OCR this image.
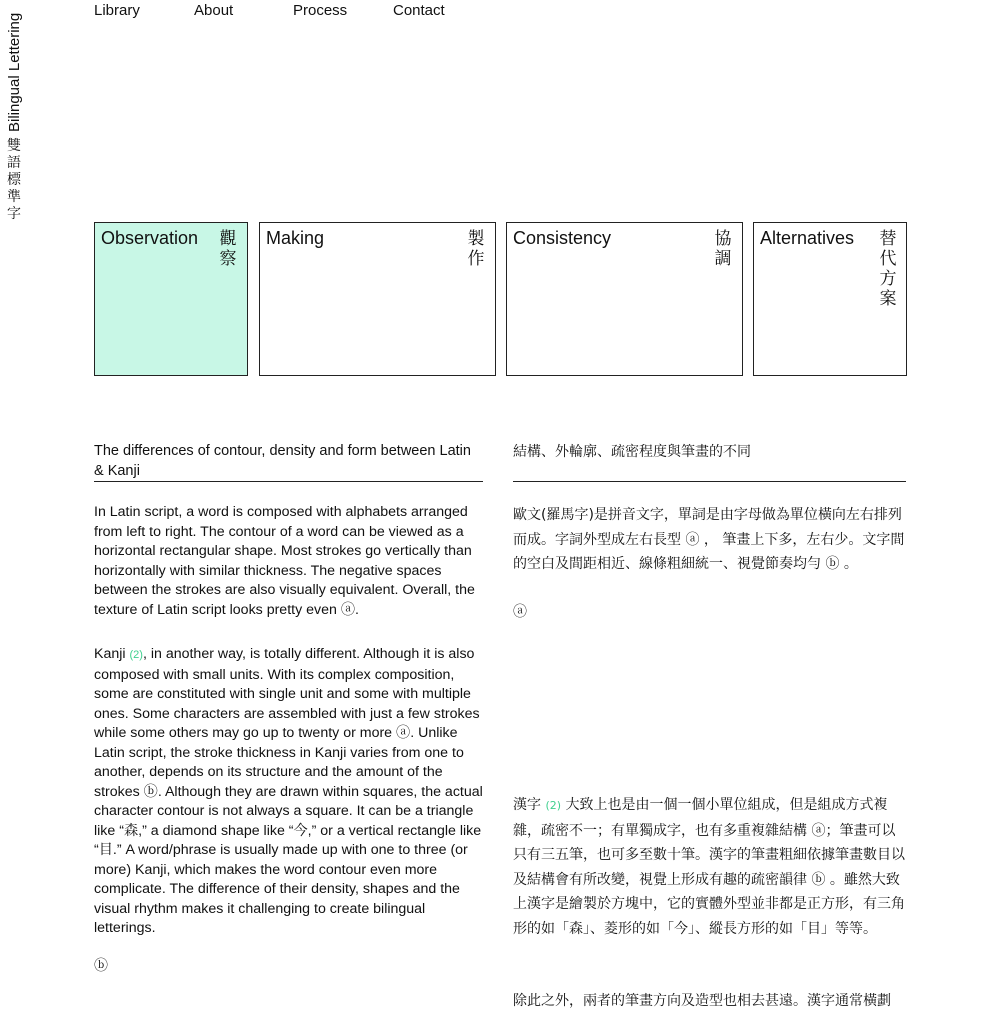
Bilingual Lettering
雙語標準字
Library	About	Process	Contact
Observation 觀察
Making	製作
Consistency	協調
Alternatives 替代方案
The differences of contour, density and form between Latin & Kanji
結構、外輪廓、疏密程度與筆畫的不同

In Latin script, a word is composed with alphabets arranged from left to right. The contour of a word can be viewed as a horizontal rectangular shape. Most strokes go vertically than horizontally with similar thickness. The negative spaces between the strokes are also visually equivalent. Overall, the texture of Latin script looks pretty even ⓐ.

Kanji (2), in another way, is totally different. Although it is also composed with small units. With its complex composition, some are constituted with single unit and some with multiple ones. Some characters are assembled with just a few strokes while some others may go up to twenty or more ⓐ. Unlike Latin script, the stroke thickness in Kanji varies from one to another, depends on its structure and the amount of the strokes ⓑ. Although they are drawn within squares, the actual character contour is not always a square. It can be a triangle like “森,” a diamond shape like “今,” or a vertical rectangle like “目.” A word/phrase is usually made up with one to three (or more) Kanji, which makes the word contour even more complicate. The difference of their density, shapes and the visual rhythm makes it challenging to create bilingual letterings.

ⓑ

歐文(羅馬字)是拼音文字，單詞是由字母做為單位橫向左右排列而成。字詞外型成左右長型 ⓐ ， 筆畫上下多，左右少。文字間的空白及間距相近、線條粗細統一、視覺節奏均勻 ⓑ 。

ⓐ

漢字 (2) 大致上也是由一個一個小單位組成，但是組成方式複雜，疏密不一；有單獨成字，也有多重複雜結構 ⓐ；筆畫可以只有三五筆，也可多至數十筆。漢字的筆畫粗細依據筆畫數目以及結構會有所改變，視覺上形成有趣的疏密韻律 ⓑ 。雖然大致上漢字是繪製於方塊中，它的實體外型並非都是正方形，有三角形的如「森」、菱形的如「今」、縱長方形的如「目」等等。

除此之外，兩者的筆畫方向及造型也相去甚遠。漢字通常橫劃
